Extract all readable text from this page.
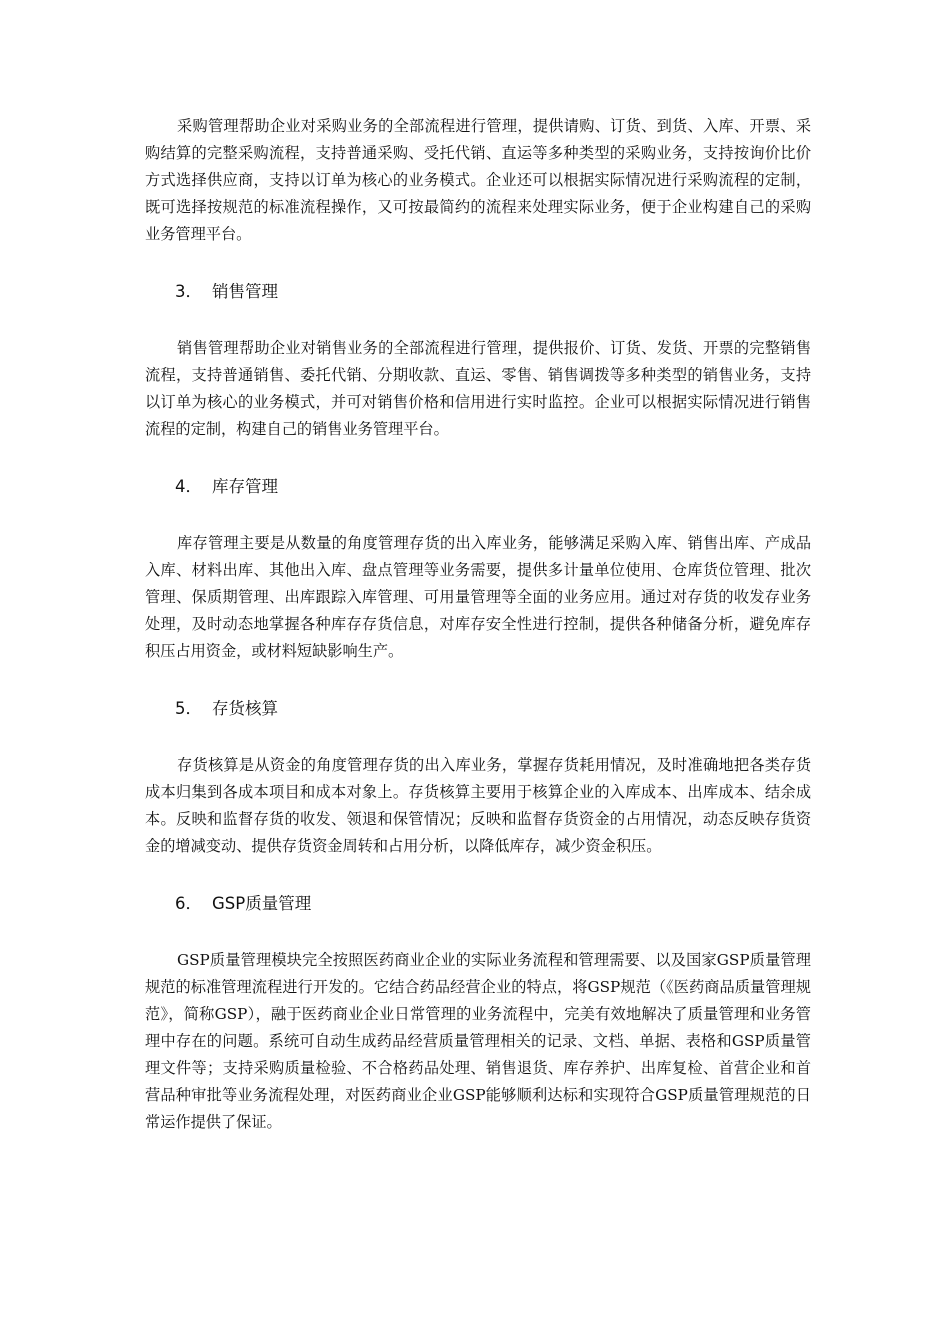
采购管理帮助企业对采购业务的全部流程进行管理，提供请购、订货、到货、入库、开票、采购结算的完整采购流程，支持普通采购、受托代销、直运等多种类型的采购业务，支持按询价比价方式选择供应商，支持以订单为核心的业务模式。企业还可以根据实际情况进行采购流程的定制，既可选择按规范的标准流程操作，又可按最简约的流程来处理实际业务，便于企业构建自己的采购业务管理平台。

3． 销售管理

销售管理帮助企业对销售业务的全部流程进行管理，提供报价、订货、发货、开票的完整销售流程，支持普通销售、委托代销、分期收款、直运、零售、销售调拨等多种类型的销售业务，支持以订单为核心的业务模式，并可对销售价格和信用进行实时监控。企业可以根据实际情况进行销售流程的定制，构建自己的销售业务管理平台。

4． 库存管理

库存管理主要是从数量的角度管理存货的出入库业务，能够满足采购入库、销售出库、产成品入库、材料出库、其他出入库、盘点管理等业务需要，提供多计量单位使用、仓库货位管理、批次管理、保质期管理、出库跟踪入库管理、可用量管理等全面的业务应用。通过对存货的收发存业务处理，及时动态地掌握各种库存存货信息，对库存安全性进行控制，提供各种储备分析，避免库存积压占用资金，或材料短缺影响生产。

5． 存货核算

存货核算是从资金的角度管理存货的出入库业务，掌握存货耗用情况，及时准确地把各类存货成本归集到各成本项目和成本对象上。存货核算主要用于核算企业的入库成本、出库成本、结余成本。反映和监督存货的收发、领退和保管情况；反映和监督存货资金的占用情况，动态反映存货资金的增减变动、提供存货资金周转和占用分析，以降低库存，减少资金积压。

6． GSP质量管理

GSP质量管理模块完全按照医药商业企业的实际业务流程和管理需要、以及国家GSP质量管理规范的标准管理流程进行开发的。它结合药品经营企业的特点，将GSP规范（《医药商品质量管理规范》，简称GSP），融于医药商业企业日常管理的业务流程中，完美有效地解决了质量管理和业务管理中存在的问题。系统可自动生成药品经营质量管理相关的记录、文档、单据、表格和GSP质量管理文件等；支持采购质量检验、不合格药品处理、销售退货、库存养护、出库复检、首营企业和首营品种审批等业务流程处理，对医药商业企业GSP能够顺利达标和实现符合GSP质量管理规范的日常运作提供了保证。
